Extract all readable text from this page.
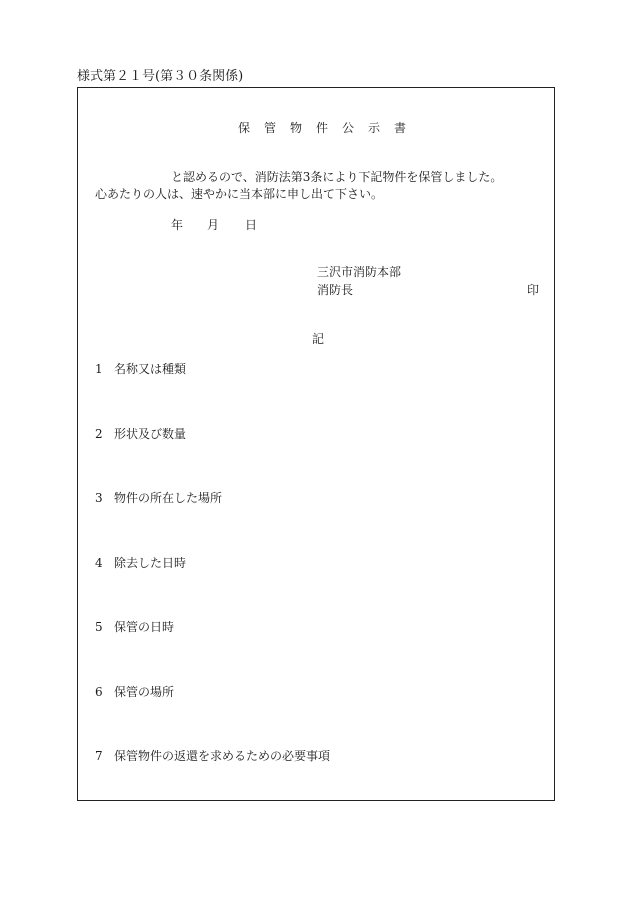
様式第２１号(第３０条関係)
保管物件公示書
と認めるので、消防法第3条により下記物件を保管しました。
心あたりの人は、速やかに当本部に申し出て下さい。
年 月 日
三沢市消防本部
消防長	印
記
1 名称又は種類
2 形状及び数量
3 物件の所在した場所
4 除去した日時
5 保管の日時
6 保管の場所
7 保管物件の返還を求めるための必要事項
